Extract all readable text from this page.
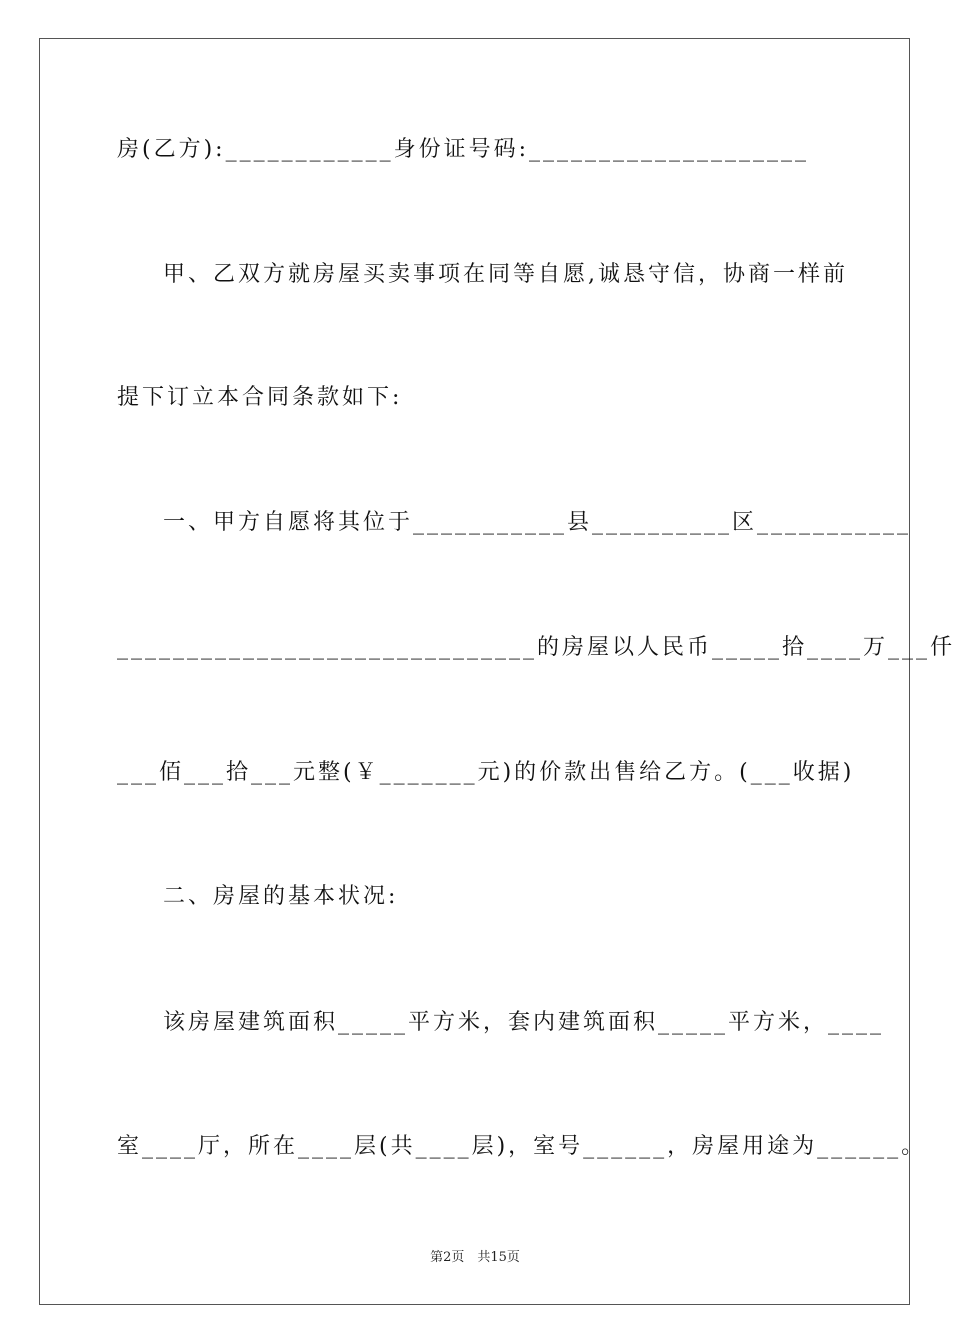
房(乙方):____________身份证号码:____________________
甲、乙双方就房屋买卖事项在同等自愿,诚恳守信，协商一样前
提下订立本合同条款如下:
一、甲方自愿将其位于___________县__________区___________
______________________________的房屋以人民币_____拾____万___仟
___佰___拾___元整(￥_______元)的价款出售给乙方。(___收据)
二、房屋的基本状况:
该房屋建筑面积_____平方米，套内建筑面积_____平方米，____
室____厅，所在____层(共____层)，室号______，房屋用途为______。
第2页　共15页
